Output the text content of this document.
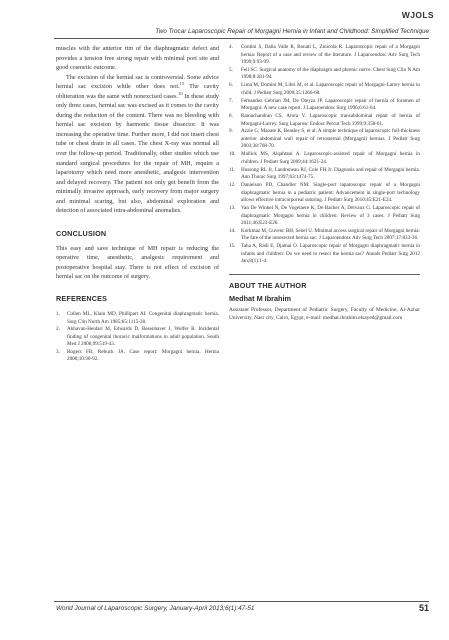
WJOLS
Two Trocar Laparoscopic Repair of Morgagni Hernia in Infant and Childhood: Simplified Technique

muscles with the anterior rim of the diaphragmatic defect and provides a tension free strong repair with minimal port site and good cosmetic outcome.

The excision of the hernial sac is controversial. Some advice hernial sac excision while other does not.$^{15}$ The cavity obliteration was the same with nonexcised cases.$^{10}$ In these study only three cases, hernial sac was excised as it comes to the cavity during the reduction of the content. There was no bleeding with hernial sac excision by harmonic tissue dissector. It was increasing the operative time. Further more, I did not insert chest tube or chest drain in all cases. The chest X-ray was normal all over the follow-up period. Traditionally, other studies which use standard surgical procedures for the repair of MH, require a laparotomy which need more anesthetic, analgesic intervention and delayed recovery. The patient not only get benefit from the minimally invasive approach, early recovery from major surgery and minimal scaring, but also, abdominal exploration and detection of associated intra-abdominal anomalies.

CONCLUSION

This easy and save technique of MH repair is reducing the operative time, anesthetic, analgesic requirement and postoperative hospital stay. There is not effect of excision of hernial sac on the outcome of surgery.

REFERENCES
1.	Cullen ML, Klain MD, Phillipart AI. Congenital diaphragmatic hernia. Surg Clin North Am 1985;65:1115-38.
2.	Akhavan-Heidari M, Edwards D, Besenhaver J, Wolfer R. Incidental finding of congenital thoracic malformations in adult population. South Med J 2006;99:519-43.
3.	Rogers FB, Rebuck JA. Case report: Morgagni hernia. Hernia 2006;10:90-92.
4.	Contini S, Dalla Valle R, Bonati L, Zinicola R. Laparoscopic repair of a Morgagni hernia: Report of a case and review of the literature. J Laparoendosc Adv Surg Tech 1999;9:93-99.
5.	Fell SC. Surgical anatomy of the diaphragm and phrenic nerve. Chest Surg Clin N Am 1998;8:281-94.
6.	Lima M, Domini M, Libri M, et al. Laparoscopic repair of Morgagni-Larrey hernia in child. J Pediatr Surg 2000;35:1266-68.
7.	Fernandez Cebrian JM, De Oteyza JP. Laparoscopic repair of hernia of foramen of Morgagni: A new case report. J Laparoendosc Surg 1996;6:61-64.
8.	Ramachandran CS, Arora V. Laparoscopic transabdominal repair of hernia of Morgagni-Larrey. Surg Laparosc Endosc Percut Tech 1999;9:358-61.
9.	Azzie G, Maoate K, Beasley S, et al. A simple technique of laparoscopic full-thickness anterior abdominal wall repair of retrosternal (Morgagni) hernias. J Pediatr Surg 2003;38:768-70.
10.	Mallick MS, Alqahtani A. Laparoscopic-assisted repair of Morgagni hernia in children. J Pediatr Surg 2009;44:1621-24.
11.	Hussong RL Jr, Landreneau RJ, Cole FH Jr. Diagnosis and repair of Morgagni hernia. Ann Thorac Surg 1997;63:1474-75.
12.	Danielson PD, Chandler NM. Single-port laparoscopic repair of a Morgagni diaphragmatic hernia in a pediatric patient: Advancement in single-port technology allows effective intracorporeal suturing. J Pediatr Surg 2010;45:E21-E24.
13.	Van De Winkel N, De Vogelaere K, De Backer A, Delvaux G. Laparoscopic repair of diaphragmatic Morgagni hernia in children: Review of 3 cases. J Pediatr Surg 2011;46:E23-E26.
14.	Korkmaz M, Guvenc BH, Senel U. Minimal access surgical repair of Morgagni hernia: The fate of the unresected hernia sac. J Laparoendosc Adv Surg Tech 2007;17:833-36.
15.	Taha A, Radi E, Djamal O. Laparoscopic repair of Morgagni diaphragmatic hernia in infants and children: Do we need to resect the hernia sac? Annals Pediatr Surg 2012 Jan;8(1):1-4.
ABOUT THE AUTHOR

Medhat M Ibrahim

Assistant Professor, Department of Pediatric Surgery, Faculty of Medicine, Al-Azhar University, Nasr city, Cairo, Egypt, e-mail: medhat.ibrahim.elsayed@gmail.com

World Journal of Laparoscopic Surgery, January-April 2013;6(1):47-51	51
